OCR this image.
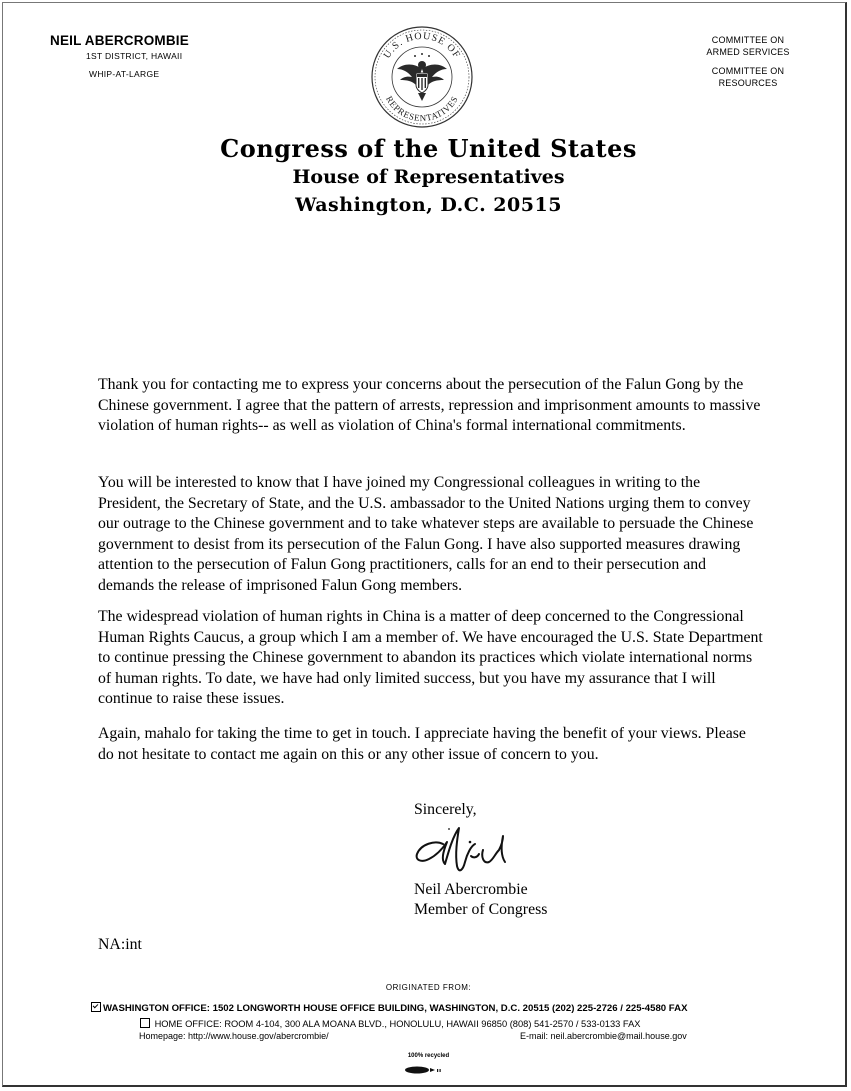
NEIL ABERCROMBIE
1ST DISTRICT, HAWAII
WHIP-AT-LARGE
COMMITTEE ON
ARMED SERVICES
COMMITTEE ON
RESOURCES
U.S. HOUSE OF
REPRESENTATIVES
Congress of the United States
House of Representatives
Washington, D.C. 20515

Thank you for contacting me to express your concerns about the persecution of the Falun Gong by the Chinese government. I agree that the pattern of arrests, repression and imprisonment amounts to massive violation of human rights-- as well as violation of China's formal international commitments.

You will be interested to know that I have joined my Congressional colleagues in writing to the President, the Secretary of State, and the U.S. ambassador to the United Nations urging them to convey our outrage to the Chinese government and to take whatever steps are available to persuade the Chinese government to desist from its persecution of the Falun Gong. I have also supported measures drawing attention to the persecution of Falun Gong practitioners, calls for an end to their persecution and demands the release of imprisoned Falun Gong members.

The widespread violation of human rights in China is a matter of deep concerned to the Congressional Human Rights Caucus, a group which I am a member of. We have encouraged the U.S. State Department to continue pressing the Chinese government to abandon its practices which violate international norms of human rights. To date, we have had only limited success, but you have my assurance that I will continue to raise these issues.

Again, mahalo for taking the time to get in touch. I appreciate having the benefit of your views. Please do not hesitate to contact me again on this or any other issue of concern to you.

Sincerely,
Neil Abercrombie
Member of Congress
NA:int
ORIGINATED FROM:
WASHINGTON OFFICE: 1502 LONGWORTH HOUSE OFFICE BUILDING, WASHINGTON, D.C. 20515 (202) 225-2726 / 225-4580 FAX
HOME OFFICE: ROOM 4-104, 300 ALA MOANA BLVD., HONOLULU, HAWAII 96850 (808) 541-2570 / 533-0133 FAX
Homepage: http://www.house.gov/abercrombie/	E-mail: neil.abercrombie@mail.house.gov
100% recycled
